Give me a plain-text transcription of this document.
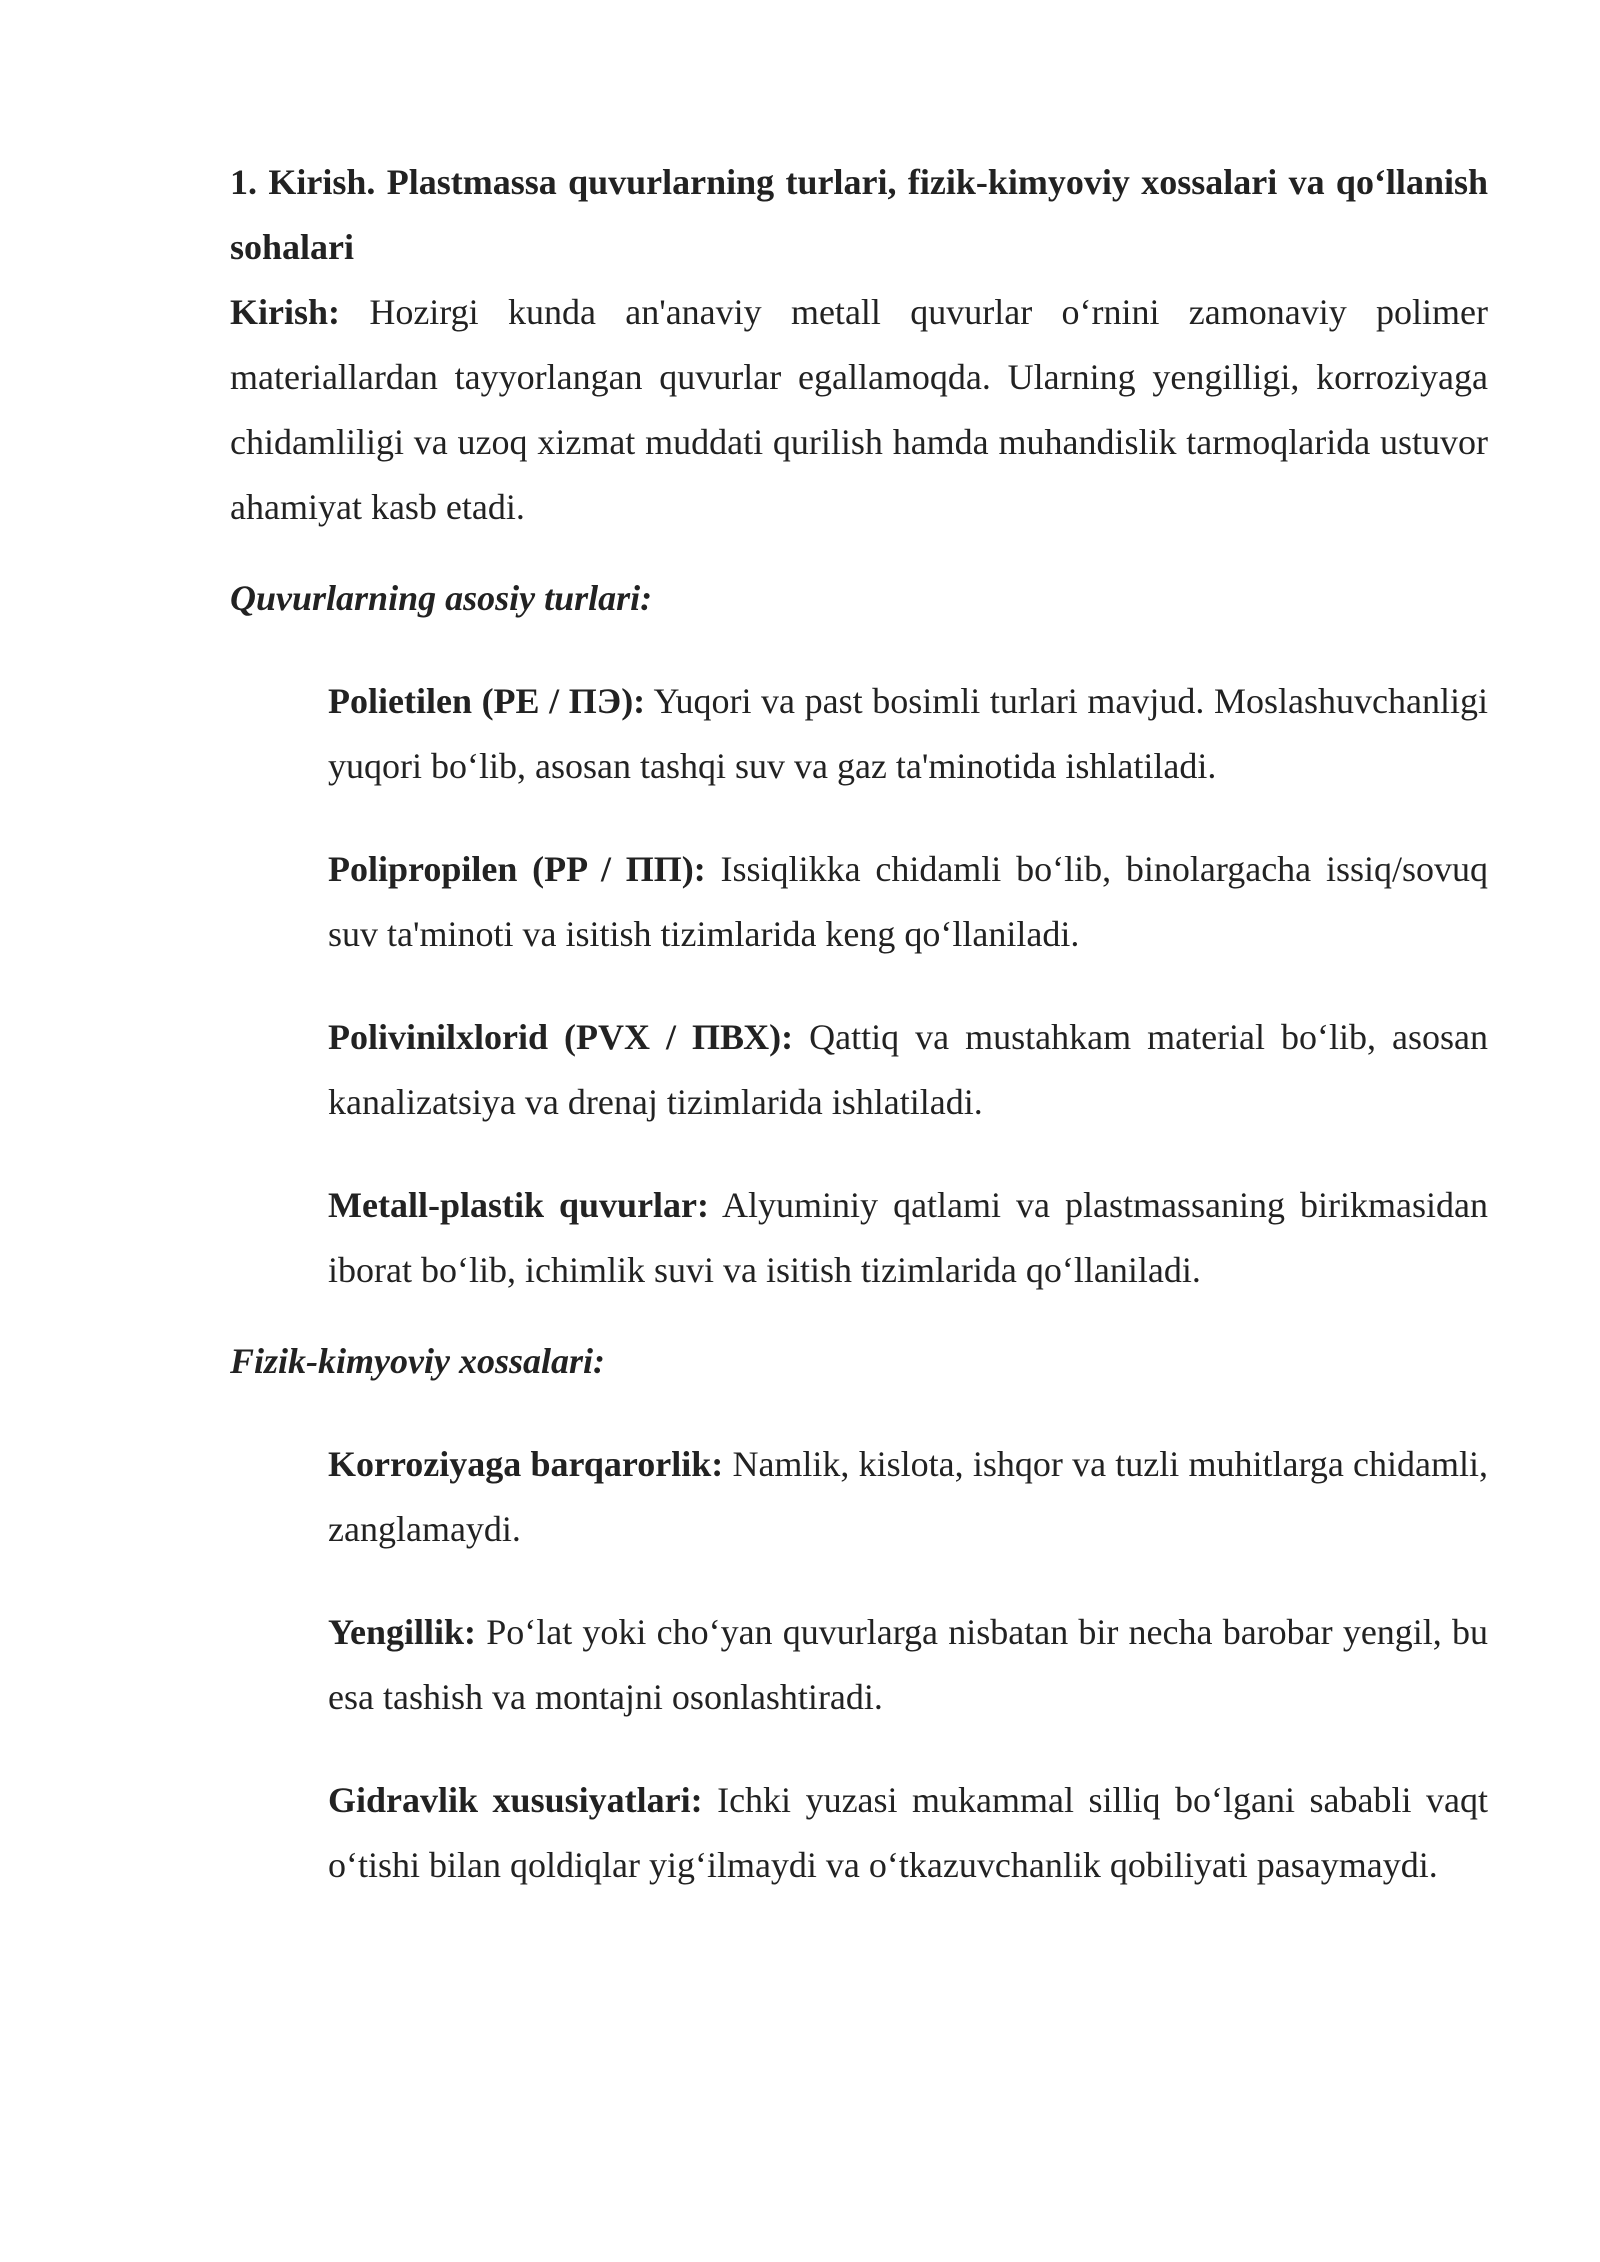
1. Kirish. Plastmassa quvurlarning turlari, fizik-kimyoviy xossalari va qo‘llanish sohalari

Kirish: Hozirgi kunda an'anaviy metall quvurlar o‘rnini zamonaviy polimer materiallardan tayyorlangan quvurlar egallamoqda. Ularning yengilligi, korroziyaga chidamliligi va uzoq xizmat muddati qurilish hamda muhandislik tarmoqlarida ustuvor ahamiyat kasb etadi.

Quvurlarning asosiy turlari:

Polietilen (PE / ПЭ): Yuqori va past bosimli turlari mavjud. Moslashuvchanligi yuqori bo‘lib, asosan tashqi suv va gaz ta'minotida ishlatiladi.

Polipropilen (PP / ПП): Issiqlikka chidamli bo‘lib, binolargacha issiq/sovuq suv ta'minoti va isitish tizimlarida keng qo‘llaniladi.

Polivinilxlorid (PVX / ПВХ): Qattiq va mustahkam material bo‘lib, asosan kanalizatsiya va drenaj tizimlarida ishlatiladi.

Metall-plastik quvurlar: Alyuminiy qatlami va plastmassaning birikmasidan iborat bo‘lib, ichimlik suvi va isitish tizimlarida qo‘llaniladi.

Fizik-kimyoviy xossalari:

Korroziyaga barqarorlik: Namlik, kislota, ishqor va tuzli muhitlarga chidamli, zanglamaydi.

Yengillik: Po‘lat yoki cho‘yan quvurlarga nisbatan bir necha barobar yengil, bu esa tashish va montajni osonlashtiradi.

Gidravlik xususiyatlari: Ichki yuzasi mukammal silliq bo‘lgani sababli vaqt o‘tishi bilan qoldiqlar yig‘ilmaydi va o‘tkazuvchanlik qobiliyati pasaymaydi.
